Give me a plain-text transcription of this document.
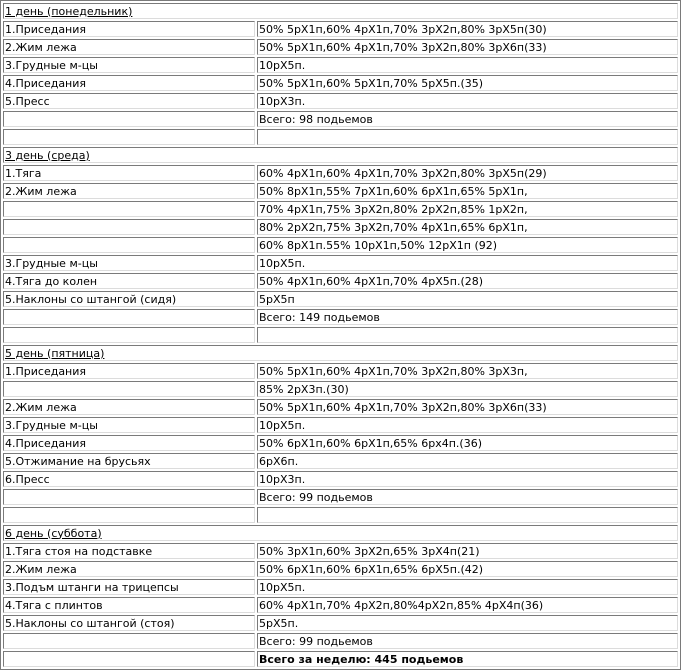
1 день (понедельник)	
1.Приседания	50% 5рХ1п,60% 4рХ1п,70% 3рХ2п,80% 3рХ5п(30)
2.Жим лежа	50% 5рХ1п,60% 4рХ1п,70% 3рХ2п,80% 3рХ6п(33)
3.Грудные м-цы	10рХ5п.
4.Приседания	50% 5рХ1п,60% 5рХ1п,70% 5рХ5п.(35)
5.Пресс	10рХ3п.
	Всего: 98 подьемов

3 день (среда)	
1.Тяга	60% 4рХ1п,60% 4рХ1п,70% 3рХ2п,80% 3рХ5п(29)
2.Жим лежа	50% 8рХ1п,55% 7рХ1п,60% 6рХ1п,65% 5рХ1п,
	70% 4рХ1п,75% 3рХ2п,80% 2рХ2п,85% 1рХ2п,
	80% 2рХ2п,75% 3рХ2п,70% 4рХ1п,65% 6рХ1п,
	60% 8рХ1п.55% 10рХ1п,50% 12рХ1п (92)
3.Грудные м-цы	10рХ5п.
4.Тяга до колен	50% 4рХ1п,60% 4рХ1п,70% 4рХ5п.(28)
5.Наклоны со штангой (сидя)	5рХ5п
	Всего: 149 подьемов

5 день (пятница)	
1.Приседания	50% 5рХ1п,60% 4рХ1п,70% 3рХ2п,80% 3рХ3п,
	85% 2рХ3п.(30)
2.Жим лежа	50% 5рХ1п,60% 4рХ1п,70% 3рХ2п,80% 3рХ6п(33)
3.Грудные м-цы	10рХ5п.
4.Приседания	50% 6рХ1п,60% 6рХ1п,65% 6рх4п.(36)
5.Отжимание на брусьях	6рХ6п.
6.Пресс	10рХ3п.
	Всего: 99 подьемов

6 день (суббота)	
1.Тяга стоя на подставке	50% 3рХ1п,60% 3рХ2п,65% 3рХ4п(21)
2.Жим лежа	50% 6рХ1п,60% 6рХ1п,65% 6рХ5п.(42)
3.Подъм штанги на трицепсы	10рХ5п.
4.Тяга с плинтов	60% 4рХ1п,70% 4рХ2п,80%4рХ2п,85% 4рХ4п(36)
5.Наклоны со штангой (стоя)	5рХ5п.
	Всего: 99 подьемов
	Всего за неделю: 445 подьемов
